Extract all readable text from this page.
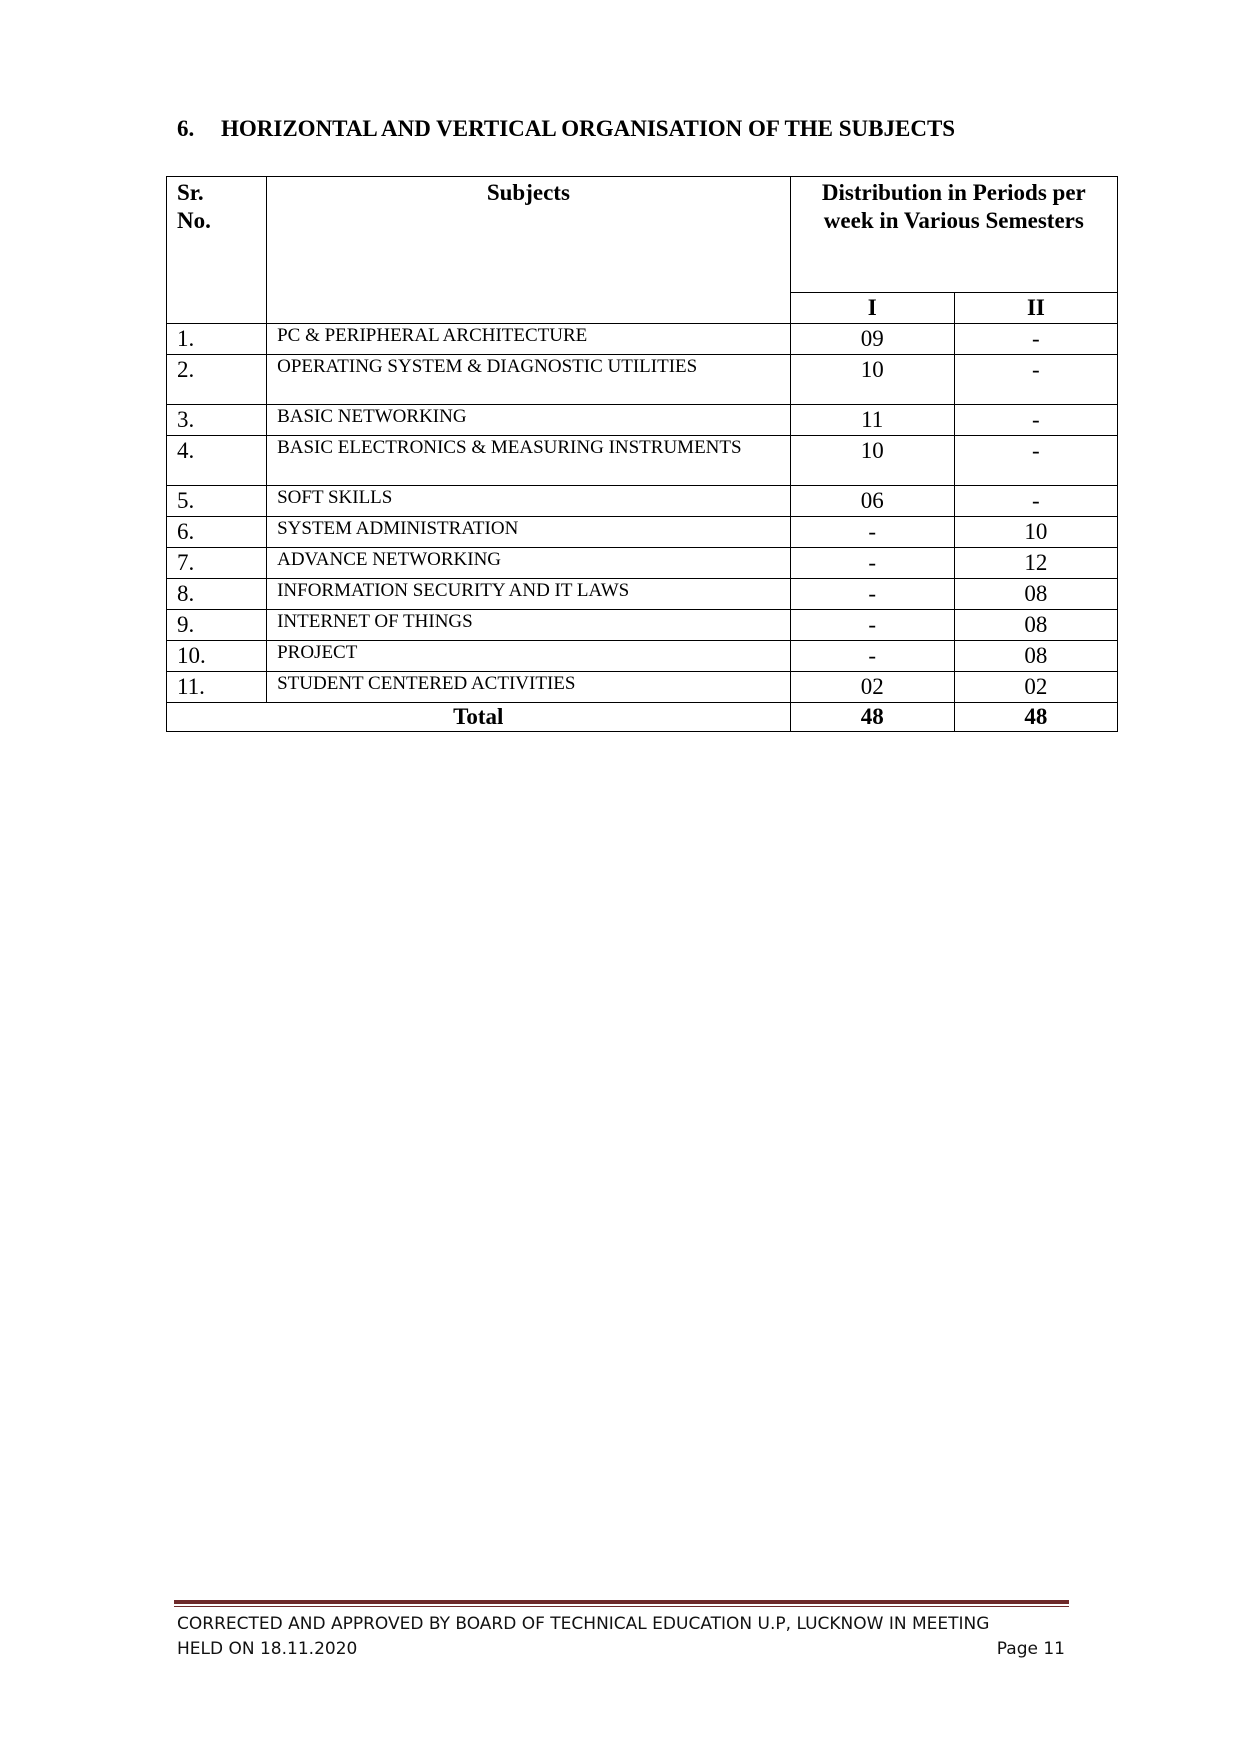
6. HORIZONTAL AND VERTICAL ORGANISATION OF THE SUBJECTS
Sr. No.	Subjects	Distribution in Periods per week in Various Semesters	

		I	II
1.	PC & PERIPHERAL ARCHITECTURE	09	-
2.	OPERATING SYSTEM & DIAGNOSTIC UTILITIES	10	-
3.	BASIC NETWORKING	11	-
4.	BASIC ELECTRONICS & MEASURING INSTRUMENTS	10	-
5.	SOFT SKILLS	06	-
6.	SYSTEM ADMINISTRATION	-	10
7.	ADVANCE NETWORKING	-	12
8.	INFORMATION SECURITY AND IT LAWS	-	08
9.	INTERNET OF THINGS	-	08
10.	PROJECT	-	08
11.	STUDENT CENTERED ACTIVITIES	02	02
Total		48	48
CORRECTED AND APPROVED BY BOARD OF TECHNICAL EDUCATION U.P, LUCKNOW IN MEETING
HELD ON 18.11.2020	Page 11
